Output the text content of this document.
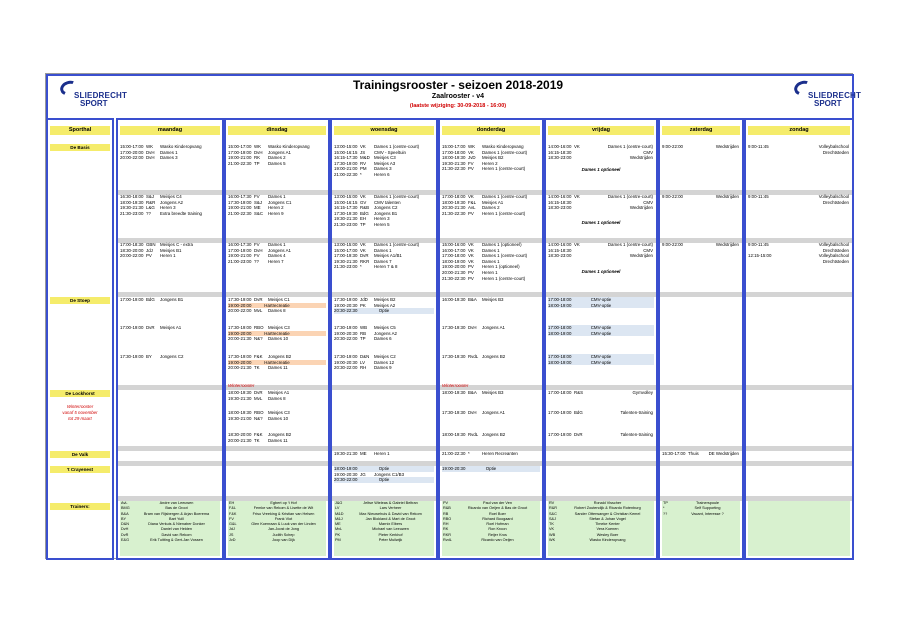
SLIEDRECHT
SPORT
Trainingsrooster - seizoen 2018-2019
Zaalrooster - v4
(laatste wijziging: 30-09-2018 - 16:00)
SLIEDRECHT
SPORT
Sporthal
De Basis
De Stoep
De Lockhorst
Winterrooster
vanaf 5 november
tot 29 maart
De Valk
't Crayenest
Trainers:
maandag
15:00-17:00 WK Wasko Kinderopvang
17:00-20:00 DvH Dames 1
20:00-22:00 DvH Dames 3
16:30-18:00 S&J Meisjes C4
18:00-19:30 R&R Jongens A2
19:30-21:30 L&G Heren 3
21:30-23:00 ?? Extra breedte training
17:00-18:30 GBN Meisjes C - extra
18:30-20:00 JdJ Meisjes B1
20:00-22:00 PV Heren 1
17:00-19:00 BdG Jongens B1
17:00-19:00 DvR Meisjes A1
17:30-19:00 BY Jongens C2
AvL	Andre van Leeuwen
BMG	Bas de Groot
B&A	Bram van Rijsbergen & Arjan Boerema
BY	Bart Yuill
D&N	Diana Verkuis & Nienaber Donker
DvH	Daniel van Helden
DvR	David van Rekom
E&G	Erik Tuitting & Gert-Jan Vossen
dinsdag
15:00-17:00 WK Wasko Kinderopvang
17:00-19:00 DvH Jongens A1
19:00-21:00 RK Dames 2
21:00-22:30 TP Dames 5
16:00-17:30 FV Dames 1
17:30-19:00 S&J Jongens C1
19:00-21:00 ME Heren 2
21:00-22:30 S&C Heren 9
16:00-17:30 FV Dames 1
17:00-19:00 DvH Jongens A1
19:00-21:00 FV Dames 4
21:00-23:00 ?? Heren 7
17:30-19:00 DvR Meisjes C1
19:00-20:00	Hartrecreatie
20:00-22:00 MvL Dames 8
17:30-19:00 RBO Meisjes C3
19:00-20:00	Hartrecreatie
20:00-21:30 N&? Dames 10
17:30-19:00 F&K Jongens B2
19:00-20:00	Hartrecreatie
20:00-21:30 TK Dames 11
18:00-19:30 DvR Meisjes A1
19:30-21:30 MvL Dames 8
18:00-19:30 RBO Meisjes C3
19:30-21:00 N&? Dames 10
18:30-20:00 F&K Jongens B2
20:00-21:30 TK Dames 11
Winterrooster
EH	Egbert op 't Hof
F&L	Femke van Rekom & Lisette de Wit
F&K	Friso Vreeking & Kristian van Helsen
FV	Frank Vlot
G&L	Glen Koenraan & Luuk van der Linden
JdJ	Jan-Joost de Jong
JS	Judith Schep
JvD	Joop van Dijk
woensdag
13:00-15:00 VK Dames 1 (centre-court)
15:00-16:15 JS CMV - Speeltuin
16:15-17:30 M&D Meisjes C3
17:30-19:00 RV Meisjes A3
19:00-21:00 PM Dames 3
21:00-22:30 *	Heren 6
13:00-15:00 VK Dames 1 (centre-court)
15:00-16:15 GV CMV talenten
16:15-17:30 R&B Jongens C2
17:30-19:30 BdG Jongens B1
19:30-21:30 EH Heren 3
21:30-23:00 TP Heren 5
13:00-15:00 VK Dames 1 (centre-court)
15:00-17:00 VK Dames 1
17:00-19:30 DvR Meisjes A1/B1
19:30-21:30 RKR Dames 7
21:30-23:00 *	Heren 7 & 8
17:30-19:00 JdD Meisjes B2
19:00-20:30 PK Meisjes A2
20:30-22:30	Optie
17:30-19:00 WB Meisjes C5
19:00-20:30 RB Jongens A2
20:30-22:00 TP Dames 6
17:30-19:00 D&N Meisjes C2
19:00-20:30 LV Dames 12
20:30-22:00 RH Dames 9
19:30-21:30 ME Heren 1
18:00-19:00	Optie
19:00-20:30 JG Jongens C1/B3
20:30-22:00	Optie
J&G	Jeltse Wieleas & Gabriel Beltran
LV	Lars Verheer
M&D	Max Nieuwehuis & David van Rekom
M&J	Jan Blokland & Mart de Groot
ME	Marnix Elbers
MvL	Michael van Leeuwen
PK	Pieter Kerkhof
PM	Peter Muilwijk
donderdag
15:00-17:00 WK Wasko Kinderopvang
17:00-18:00 VK Dames 1 (centre-court)
18:00-19:30 JvD Meisjes B2
19:30-21:30 FV Heren 2
21:30-22:30 PV Heren 1 (centre-court)
17:00-18:00 VK Dames 1 (centre-court)
18:00-19:30 F&L Meisjes A1
20:30-21:30 AvL Dames 2
21:30-22:30 PV Heren 1 (centre-court)
15:00-16:00 VK Dames 1 (optioneel)
16:00-17:00 VK Dames 1
17:00-18:00 VK Dames 1 (centre-court)
18:00-19:00 VK Dames 1
19:00-20:00 PV Heren 1 (optioneel)
20:00-21:30 PV Heren 1
21:30-22:30 PV Heren 1 (centre-court)
16:00-19:30 B&A Meisjes B3
17:30-19:30 DvH Jongens A1
17:30-19:30 RvdL Jongens B2
18:00-19:30 B&A Meisjes B3
17:30-19:30 DvH Jongens A1
18:00-19:30 RvdL Jongens B2
21:00-22:30 *	Heren Recreanten
19:00-20:30	Optie
Winterrooster
PV	Paul van der Ven
R&B	Ricardo van Oeijen & Bas de Groot
RB	Roel Boer
RBO	Richard Boogaard
RH	Roel Hofman
RK	Ron Kroon
RKR	Reijer Kros
RvdL	Ricardo van Oeijen
vrijdag
14:00-16:00 VK	Dames 1 (centre-court)
16:15-18:30	CMV
18:30-23:00	Wedstrijden
14:00-16:00 VK	Dames 1 (centre-court)
16:15-18:30	CMV
18:30-23:00	Wedstrijden
14:00-16:00 VK	Dames 1 (centre-court)
16:15-18:30	CMV
18:30-23:00	Wedstrijden
17:00-18:00	CMV-optie
18:00-19:00	CMV-optie
17:00-18:00	CMV-optie
18:00-19:00	CMV-optie
17:00-18:00	CMV-optie
18:00-19:00	CMV-optie
17:00-18:00 R&S	Gymvolley
17:00-19:00 BdG	Talenten-training
17:00-19:00 DvR	Talenten-training
Dames 1 optioneel
Dames 1 optioneel
Dames 1 optioneel
RV	Ronald Visscher
R&R	Robert Zoutendijk & Ricardo Rotenburg
S&C	Sander Otterwanger & Christian Kemel
S&J	Stefan & Johan Vogel
TK	Timeke Kenter
VK	Vera Koenen
WB	Wesley Boer
WK	Wasko Kinderopvang
zaterdag
9:00-22:00	Wedstrijden
9:00-22:00	Wedstrijden
9:00-22:00	Wedstrijden
15:30-17:00 Thuis DE Wedstrijden
TP	Trainerspoule
*	Self Supporting
??	Vacant, Interesse ?
zondag
9:00-11:45	Volleybalschool
Drechtsteden
9:00-11:45	Volleybalschool
Drechtsteden
9:00-11:45	Volleybalschool
Drechtsteden
12:15-15:00	Volleybalschool
Drechtsteden
